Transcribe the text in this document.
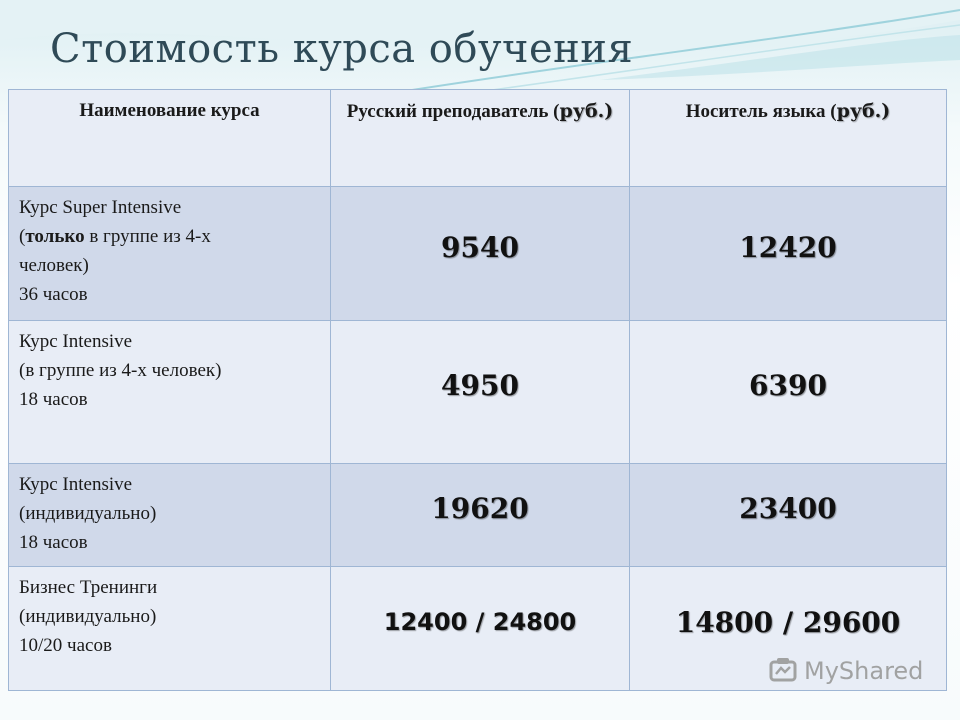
Стоимость курса обучения
Наименование курса	Русский преподаватель (руб.)	Носитель языка (руб.)

Курс Super Intensive
(только в группе из 4-х
человек)
36 часов	9540	12420

Курс Intensive
(в группе из 4-х человек)
18 часов	4950	6390

Курс Intensive
(индивидуально)
18 часов	19620	23400

Бизнес Тренинги
(индивидуально)
10/20 часов	12400 / 24800	14800 / 29600
MyShared
